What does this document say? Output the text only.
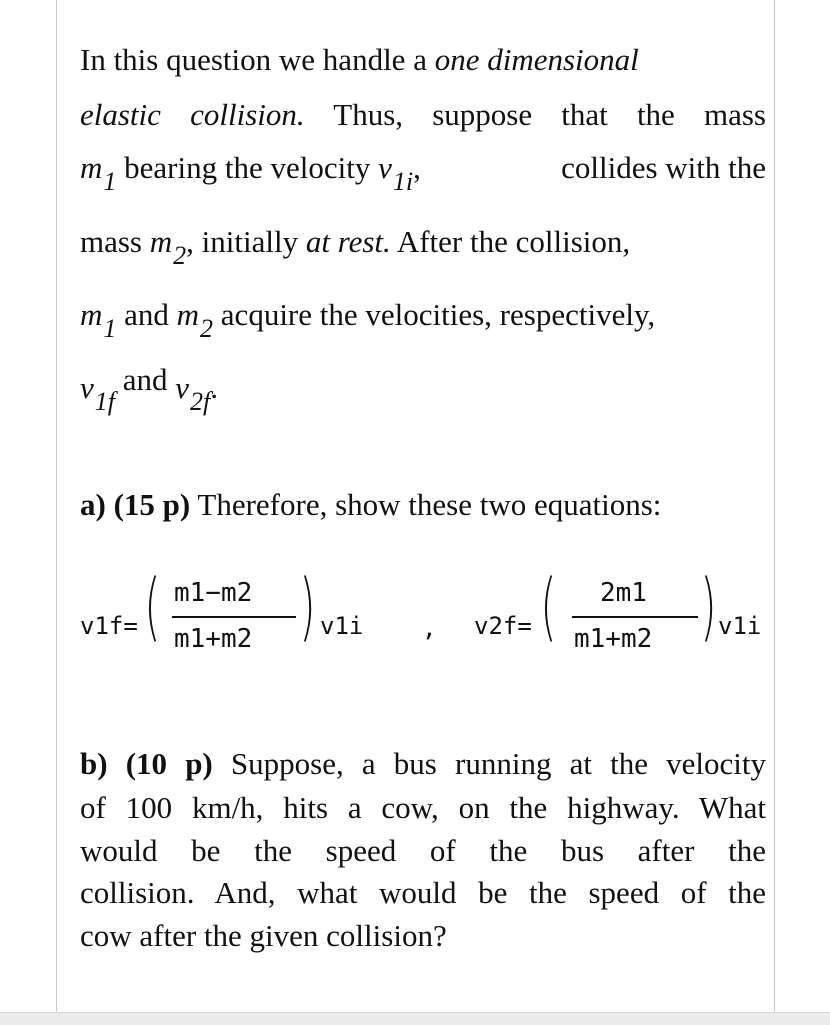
In this question we handle a one dimensional
elastic collision. Thus, suppose that the mass
$m_1$ bearing the velocity $v_{1i}$,	collides with the
mass $m_2$, initially at rest. After the collision,
$m_1$ and $m_2$ acquire the velocities, respectively,
$v_{1f}$ and $v_{2f}$.
a) (15 p) Therefore, show these two equations:
v1f= ( m1−m2
m1+m2 ) v1i , v2f= ( 2m1
m1+m2 ) v1i
b) (10 p) Suppose, a bus running at the velocity
of 100 km/h, hits a cow, on the highway. What
would be the speed of the bus after the
collision. And, what would be the speed of the
cow after the given collision?
